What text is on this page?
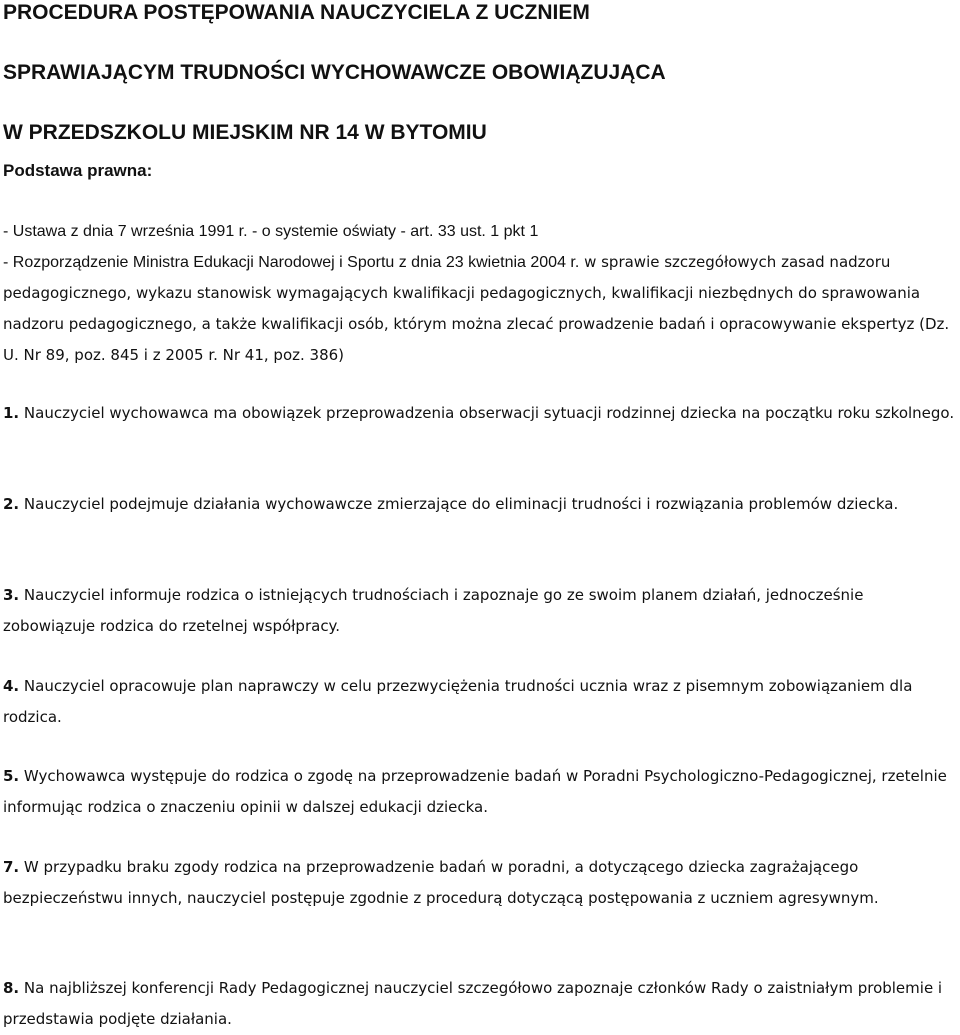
PROCEDURA POSTĘPOWANIA NAUCZYCIELA Z UCZNIEM
SPRAWIAJĄCYM TRUDNOŚCI WYCHOWAWCZE OBOWIĄZUJĄCA
W PRZEDSZKOLU MIEJSKIM NR 14 W BYTOMIU
Podstawa prawna:
- Ustawa z dnia 7 września 1991 r. - o systemie oświaty - art. 33 ust. 1 pkt 1
- Rozporządzenie Ministra Edukacji Narodowej i Sportu z dnia 23 kwietnia 2004 r. w sprawie szczegółowych zasad nadzoru pedagogicznego, wykazu stanowisk wymagających kwalifikacji pedagogicznych, kwalifikacji niezbędnych do sprawowania nadzoru pedagogicznego, a także kwalifikacji osób, którym można zlecać prowadzenie badań i opracowywanie ekspertyz (Dz. U. Nr 89, poz. 845 i z 2005 r. Nr 41, poz. 386)

1. Nauczyciel wychowawca ma obowiązek przeprowadzenia obserwacji sytuacji rodzinnej dziecka na początku roku szkolnego.

2. Nauczyciel podejmuje działania wychowawcze zmierzające do eliminacji trudności i rozwiązania problemów dziecka.

3. Nauczyciel informuje rodzica o istniejących trudnościach i zapoznaje go ze swoim planem działań, jednocześnie zobowiązuje rodzica do rzetelnej współpracy.

4. Nauczyciel opracowuje plan naprawczy w celu przezwyciężenia trudności ucznia wraz z pisemnym zobowiązaniem dla rodzica.

5. Wychowawca występuje do rodzica o zgodę na przeprowadzenie badań w Poradni Psychologiczno-Pedagogicznej, rzetelnie informując rodzica o znaczeniu opinii w dalszej edukacji dziecka.

7. W przypadku braku zgody rodzica na przeprowadzenie badań w poradni, a dotyczącego dziecka zagrażającego bezpieczeństwu innych, nauczyciel postępuje zgodnie z procedurą dotyczącą postępowania z uczniem agresywnym.

8. Na najbliższej konferencji Rady Pedagogicznej nauczyciel szczegółowo zapoznaje członków Rady o zaistniałym problemie i przedstawia podjęte działania.
